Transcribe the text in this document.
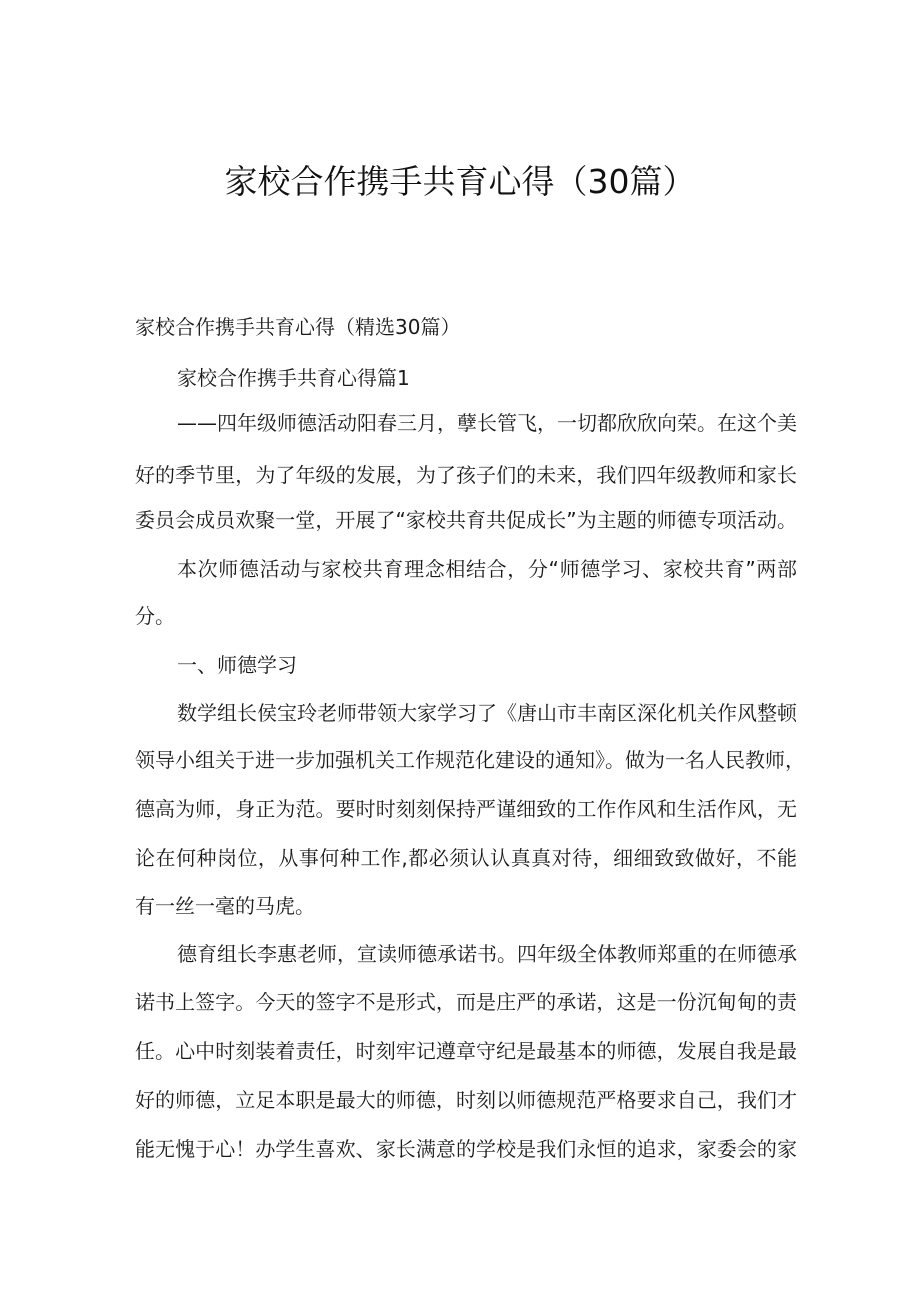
家校合作携手共育心得（30篇）
家校合作携手共育心得（精选30篇）
家校合作携手共育心得篇1
——四年级师德活动阳春三月，孽长管飞，一切都欣欣向荣。在这个美
好的季节里，为了年级的发展，为了孩子们的未来，我们四年级教师和家长
委员会成员欢聚一堂，开展了“家校共育共促成长”为主题的师德专项活动。
本次师德活动与家校共育理念相结合，分“师德学习、家校共育”两部
分。
一、师德学习
数学组长侯宝玲老师带领大家学习了《唐山市丰南区深化机关作风整顿
领导小组关于进一步加强机关工作规范化建设的通知》。做为一名人民教师，
德高为师，身正为范。要时时刻刻保持严谨细致的工作作风和生活作风，无
论在何种岗位，从事何种工作,都必须认认真真对待，细细致致做好，不能
有一丝一毫的马虎。
德育组长李惠老师，宣读师德承诺书。四年级全体教师郑重的在师德承
诺书上签字。今天的签字不是形式，而是庄严的承诺，这是一份沉甸甸的责
任。心中时刻装着责任，时刻牢记遵章守纪是最基本的师德，发展自我是最
好的师德，立足本职是最大的师德，时刻以师德规范严格要求自己，我们才
能无愧于心！办学生喜欢、家长满意的学校是我们永恒的追求，家委会的家
